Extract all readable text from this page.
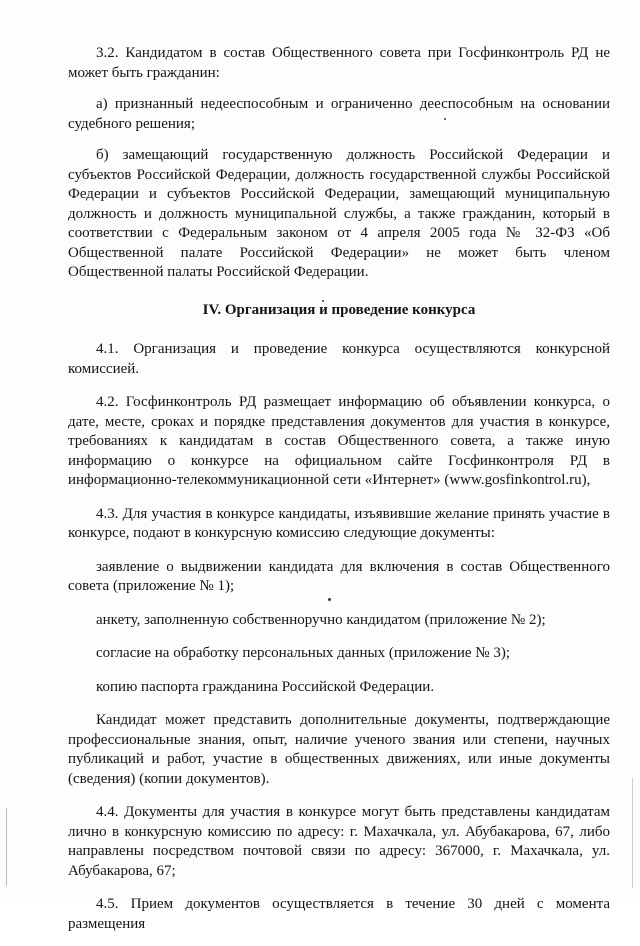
3.2. Кандидатом в состав Общественного совета при Госфинконтроль РД не может быть гражданин:

а) признанный недееспособным и ограниченно дееспособным на основании судебного решения;

б) замещающий государственную должность Российской Федерации и субъектов Российской Федерации, должность государственной службы Российской Федерации и субъектов Российской Федерации, замещающий муниципальную должность и должность муниципальной службы, а также гражданин, который в соответствии с Федеральным законом от 4 апреля 2005 года № 32-ФЗ «Об Общественной палате Российской Федерации» не может быть членом Общественной палаты Российской Федерации.

IV. Организация и проведение конкурса

4.1. Организация и проведение конкурса осуществляются конкурсной комиссией.

4.2. Госфинконтроль РД размещает информацию об объявлении конкурса, о дате, месте, сроках и порядке представления документов для участия в конкурсе, требованиях к кандидатам в состав Общественного совета, а также иную информацию о конкурсе на официальном сайте Госфинконтроля РД в информационно-телекоммуникационной сети «Интернет» (www.gosfinkontrol.ru),

4.3. Для участия в конкурсе кандидаты, изъявившие желание принять участие в конкурсе, подают в конкурсную комиссию следующие документы:

заявление о выдвижении кандидата для включения в состав Общественного совета (приложение № 1);

анкету, заполненную собственноручно кандидатом (приложение № 2);

согласие на обработку персональных данных (приложение № 3);

копию паспорта гражданина Российской Федерации.

Кандидат может представить дополнительные документы, подтверждающие профессиональные знания, опыт, наличие ученого звания или степени, научных публикаций и работ, участие в общественных движениях, или иные документы (сведения) (копии документов).

4.4. Документы для участия в конкурсе могут быть представлены кандидатам лично в конкурсную комиссию по адресу: г. Махачкала, ул. Абубакарова, 67, либо направлены посредством почтовой связи по адресу: 367000, г. Махачкала, ул. Абубакарова, 67;

4.5. Прием документов осуществляется в течение 30 дней с момента размещения
